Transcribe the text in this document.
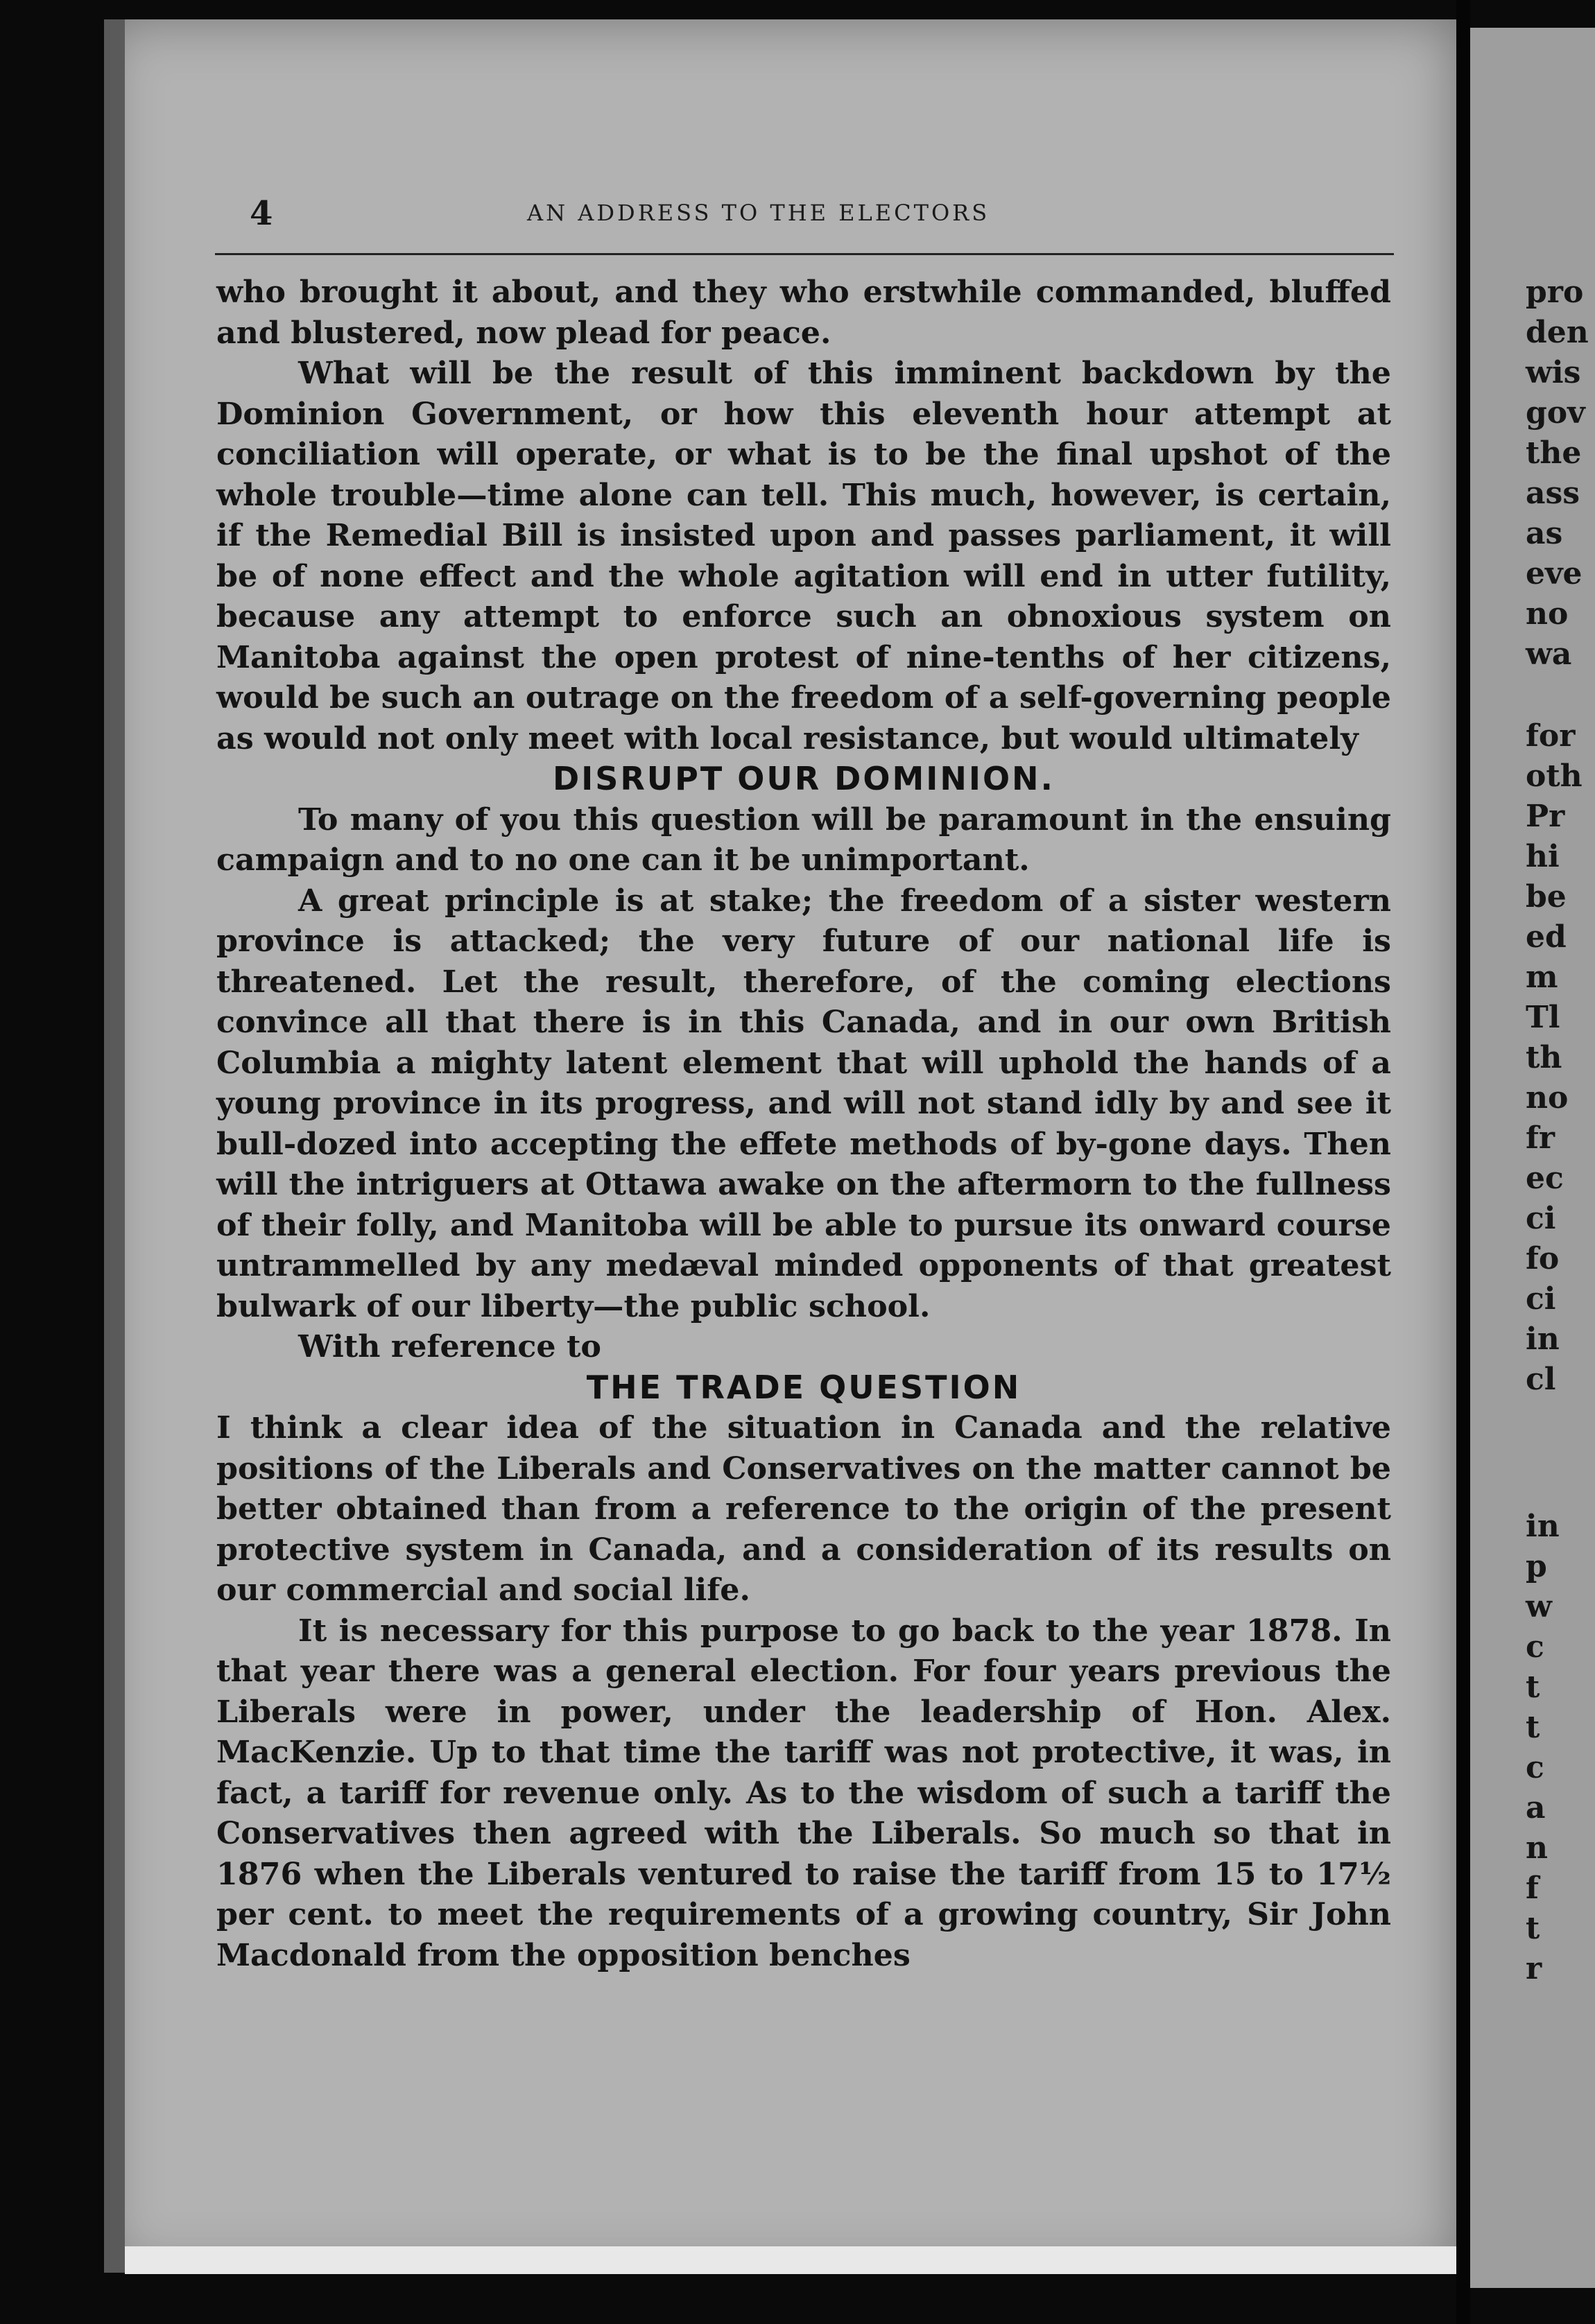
pro
den
wis
gov
the
ass
as
eve
no
wa
for
oth
Pr
hi
be
ed
m
Tl
th
no
fr
ec
ci
fo
ci
in
cl
in
p
w
c
t
t
c
a
n
f
t
r
4	AN ADDRESS TO THE ELECTORS

who brought it about, and they who erstwhile commanded, bluffed and blustered, now plead for peace.

What will be the result of this imminent backdown by the Dominion Government, or how this eleventh hour attempt at conciliation will operate, or what is to be the final upshot of the whole trouble—time alone can tell. This much, however, is certain, if the Remedial Bill is insisted upon and passes parliament, it will be of none effect and the whole agitation will end in utter futility, because any attempt to enforce such an obnoxious system on Manitoba against the open protest of nine-tenths of her citizens, would be such an outrage on the freedom of a self-governing people as would not only meet with local resistance, but would ultimately

DISRUPT OUR DOMINION.

To many of you this question will be paramount in the ensuing campaign and to no one can it be unimportant.

A great principle is at stake; the freedom of a sister western province is attacked; the very future of our national life is threatened. Let the result, therefore, of the coming elections convince all that there is in this Canada, and in our own British Columbia a mighty latent element that will uphold the hands of a young province in its progress, and will not stand idly by and see it bull-dozed into accepting the effete methods of by-gone days. Then will the intriguers at Ottawa awake on the aftermorn to the fullness of their folly, and Manitoba will be able to pursue its onward course untrammelled by any medæval minded opponents of that greatest bulwark of our liberty—the public school.

With reference to

THE TRADE QUESTION

I think a clear idea of the situation in Canada and the relative positions of the Liberals and Conservatives on the matter cannot be better obtained than from a reference to the origin of the present protective system in Canada, and a consideration of its results on our commercial and social life.

It is necessary for this purpose to go back to the year 1878. In that year there was a general election. For four years previous the Liberals were in power, under the leadership of Hon. Alex. MacKenzie. Up to that time the tariff was not protective, it was, in fact, a tariff for revenue only. As to the wisdom of such a tariff the Conservatives then agreed with the Liberals. So much so that in 1876 when the Liberals ventured to raise the tariff from 15 to 17½ per cent. to meet the requirements of a growing country, Sir John Macdonald from the opposition benches
